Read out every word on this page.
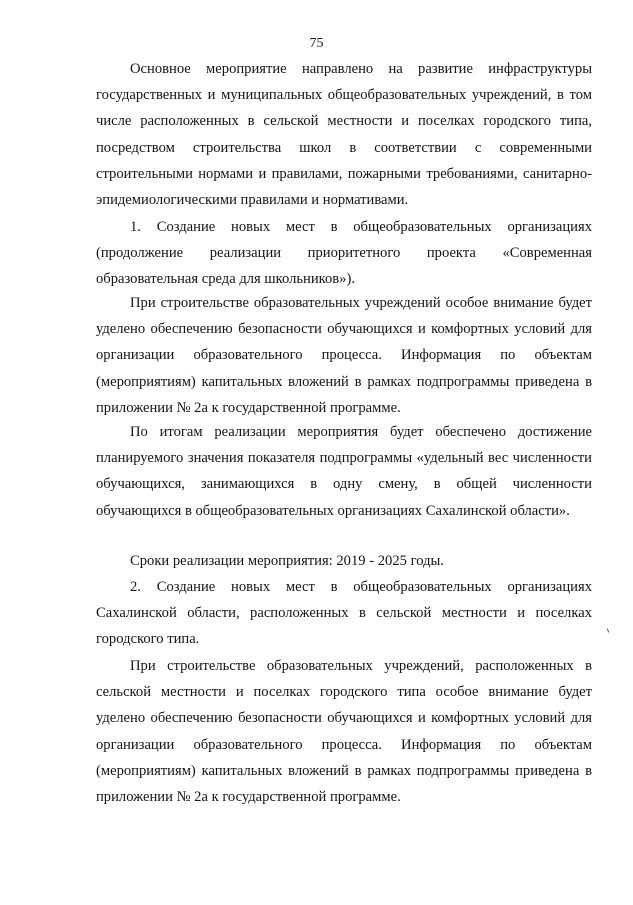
75

Основное мероприятие направлено на развитие инфраструктуры государственных и муниципальных общеобразовательных учреждений, в том числе расположенных в сельской местности и поселках городского типа, посредством строительства школ в соответствии с современными строительными нормами и правилами, пожарными требованиями, санитарно-эпидемиологическими правилами и нормативами.

1. Создание новых мест в общеобразовательных организациях (продолжение реализации приоритетного проекта «Современная образовательная среда для школьников»).

При строительстве образовательных учреждений особое внимание будет уделено обеспечению безопасности обучающихся и комфортных условий для организации образовательного процесса. Информация по объектам (мероприятиям) капитальных вложений в рамках подпрограммы приведена в приложении № 2а к государственной программе.

По итогам реализации мероприятия будет обеспечено достижение планируемого значения показателя подпрограммы «удельный вес численности обучающихся, занимающихся в одну смену, в общей численности обучающихся в общеобразовательных организациях Сахалинской области».

Сроки реализации мероприятия: 2019 - 2025 годы.

2. Создание новых мест в общеобразовательных организациях Сахалинской области, расположенных в сельской местности и поселках городского типа.

При строительстве образовательных учреждений, расположенных в сельской местности и поселках городского типа особое внимание будет уделено обеспечению безопасности обучающихся и комфортных условий для организации образовательного процесса. Информация по объектам (мероприятиям) капитальных вложений в рамках подпрограммы приведена в приложении № 2а к государственной программе.
